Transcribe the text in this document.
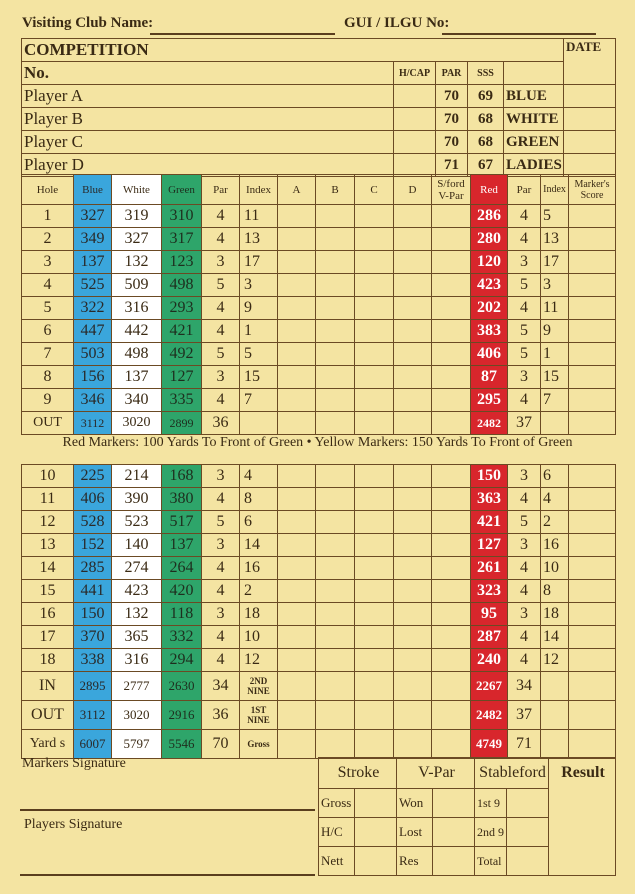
Visiting Club Name:	GUI / ILGU No:
COMPETITION					DATE
No.	H/CAP	PAR	SSS		
Player A		70	69	BLUE	
Player B		70	68	WHITE	
Player C		70	68	GREEN	
Player D		71	67	LADIES	
Hole	Blue	White	Green	Par	Index	A	B	C	D	S/ford V-Par	Red	Par	Index	Marker's Score
1	327	319	310	4	11						286	4	5	
2	349	327	317	4	13						280	4	13	
3	137	132	123	3	17						120	3	17	
4	525	509	498	5	3						423	5	3	
5	322	316	293	4	9						202	4	11	
6	447	442	421	4	1						383	5	9	
7	503	498	492	5	5						406	5	1	
8	156	137	127	3	15						87	3	15	
9	346	340	335	4	7						295	4	7	
OUT	3112	3020	2899	36							2482	37		
Red Markers: 100 Yards To Front of Green • Yellow Markers: 150 Yards To Front of Green
10	225	214	168	3	4						150	3	6	
11	406	390	380	4	8						363	4	4	
12	528	523	517	5	6						421	5	2	
13	152	140	137	3	14						127	3	16	
14	285	274	264	4	16						261	4	10	
15	441	423	420	4	2						323	4	8	
16	150	132	118	3	18						95	3	18	
17	370	365	332	4	10						287	4	14	
18	338	316	294	4	12						240	4	12	
IN	2895	2777	2630	34	2ND NINE						2267	34		
OUT	3112	3020	2916	36	1ST NINE						2482	37		
Yard s	6007	5797	5546	70	Gross						4749	71		
Markers Signature
Players Signature
Stroke		V-Par		Stableford		Result
Gross		Won		1st 9		
H/C		Lost		2nd 9		
Nett		Res		Total		
